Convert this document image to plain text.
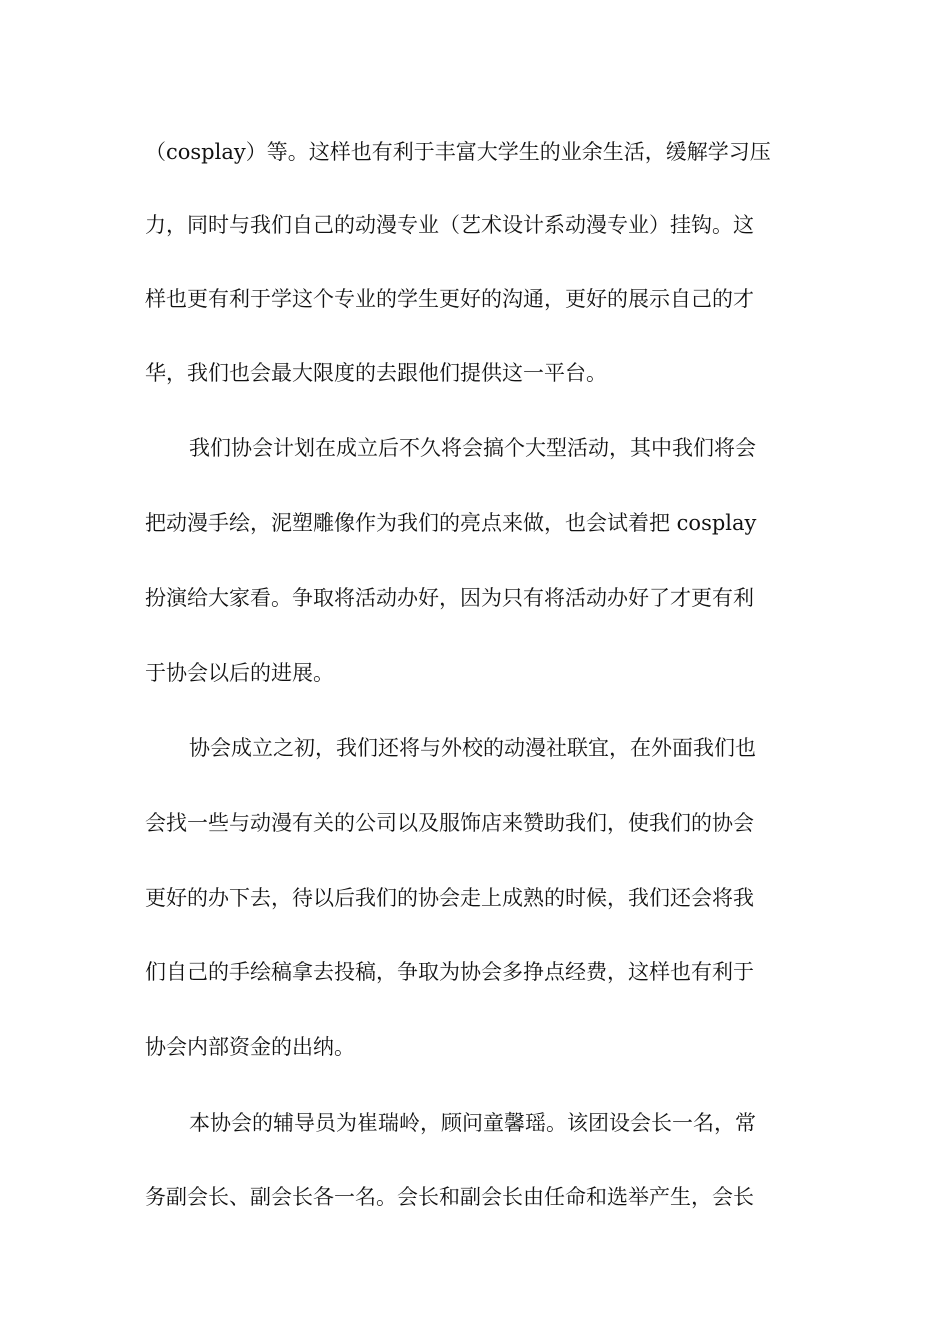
（cosplay）等。这样也有利于丰富大学生的业余生活，缓解学习压
力，同时与我们自己的动漫专业（艺术设计系动漫专业）挂钩。这
样也更有利于学这个专业的学生更好的沟通，更好的展示自己的才
华，我们也会最大限度的去跟他们提供这一平台。
我们协会计划在成立后不久将会搞个大型活动，其中我们将会
把动漫手绘，泥塑雕像作为我们的亮点来做，也会试着把 cosplay
扮演给大家看。争取将活动办好，因为只有将活动办好了才更有利
于协会以后的进展。
协会成立之初，我们还将与外校的动漫社联宜，在外面我们也
会找一些与动漫有关的公司以及服饰店来赞助我们，使我们的协会
更好的办下去，待以后我们的协会走上成熟的时候，我们还会将我
们自己的手绘稿拿去投稿，争取为协会多挣点经费，这样也有利于
协会内部资金的出纳。
本协会的辅导员为崔瑞岭，顾问童馨瑶。该团设会长一名，常
务副会长、副会长各一名。会长和副会长由任命和选举产生，会长
